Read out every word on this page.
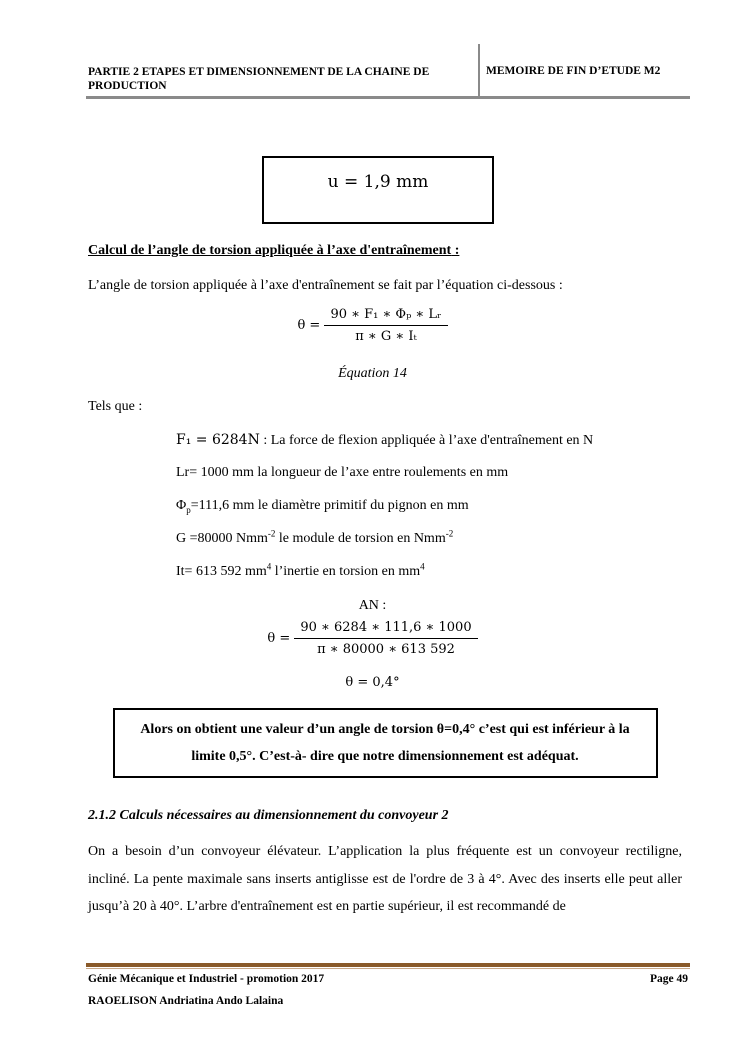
PARTIE 2 ETAPES ET DIMENSIONNEMENT DE LA CHAINE DE PRODUCTION
MEMOIRE DE FIN D’ETUDE M2
u = 1,9 mm
Calcul de l’angle de torsion appliquée à l’axe d'entraînement :
L’angle de torsion appliquée à l’axe d'entraînement se fait par l’équation ci-dessous :
$\theta = \frac{\text{90 ∗ F₁ ∗ Φₚ ∗ Lᵣ}}{\text{π ∗ G ∗ Iₜ}}$
Équation 14
Tels que :
F₁ = 6284N : La force de flexion appliquée à l’axe d'entraînement en N
Lr= 1000 mm la longueur de l’axe entre roulements en mm
$\Phi_p=111,6$ mm le diamètre primitif du pignon en mm
G =80000 Nmm$^{-2}$ le module de torsion en Nmm$^{-2}$
It= 613 592 $mm^4$ l’inertie en torsion en $mm^4$
AN :
$\theta = \frac{90 ∗ 6284 ∗ 111,6 ∗ 1000}{\pi ∗ 80000 ∗ 613 592}$
θ = 0,4°
Alors on obtient une valeur d’un angle de torsion θ=0,4° c’est qui est inférieur à la limite 0,5°. C’est-à- dire que notre dimensionnement est adéquat.
2.1.2 Calculs nécessaires au dimensionnement du convoyeur 2
On a besoin d’un convoyeur élévateur. L’application la plus fréquente est un convoyeur rectiligne, incliné. La pente maximale sans inserts antiglisse est de l'ordre de 3 à 4°. Avec des inserts elle peut aller jusqu’à 20 à 40°. L’arbre d'entraînement est en partie supérieur, il est recommandé de
Génie Mécanique et Industriel - promotion 2017	Page 49
RAOELISON Andriatina Ando Lalaina
